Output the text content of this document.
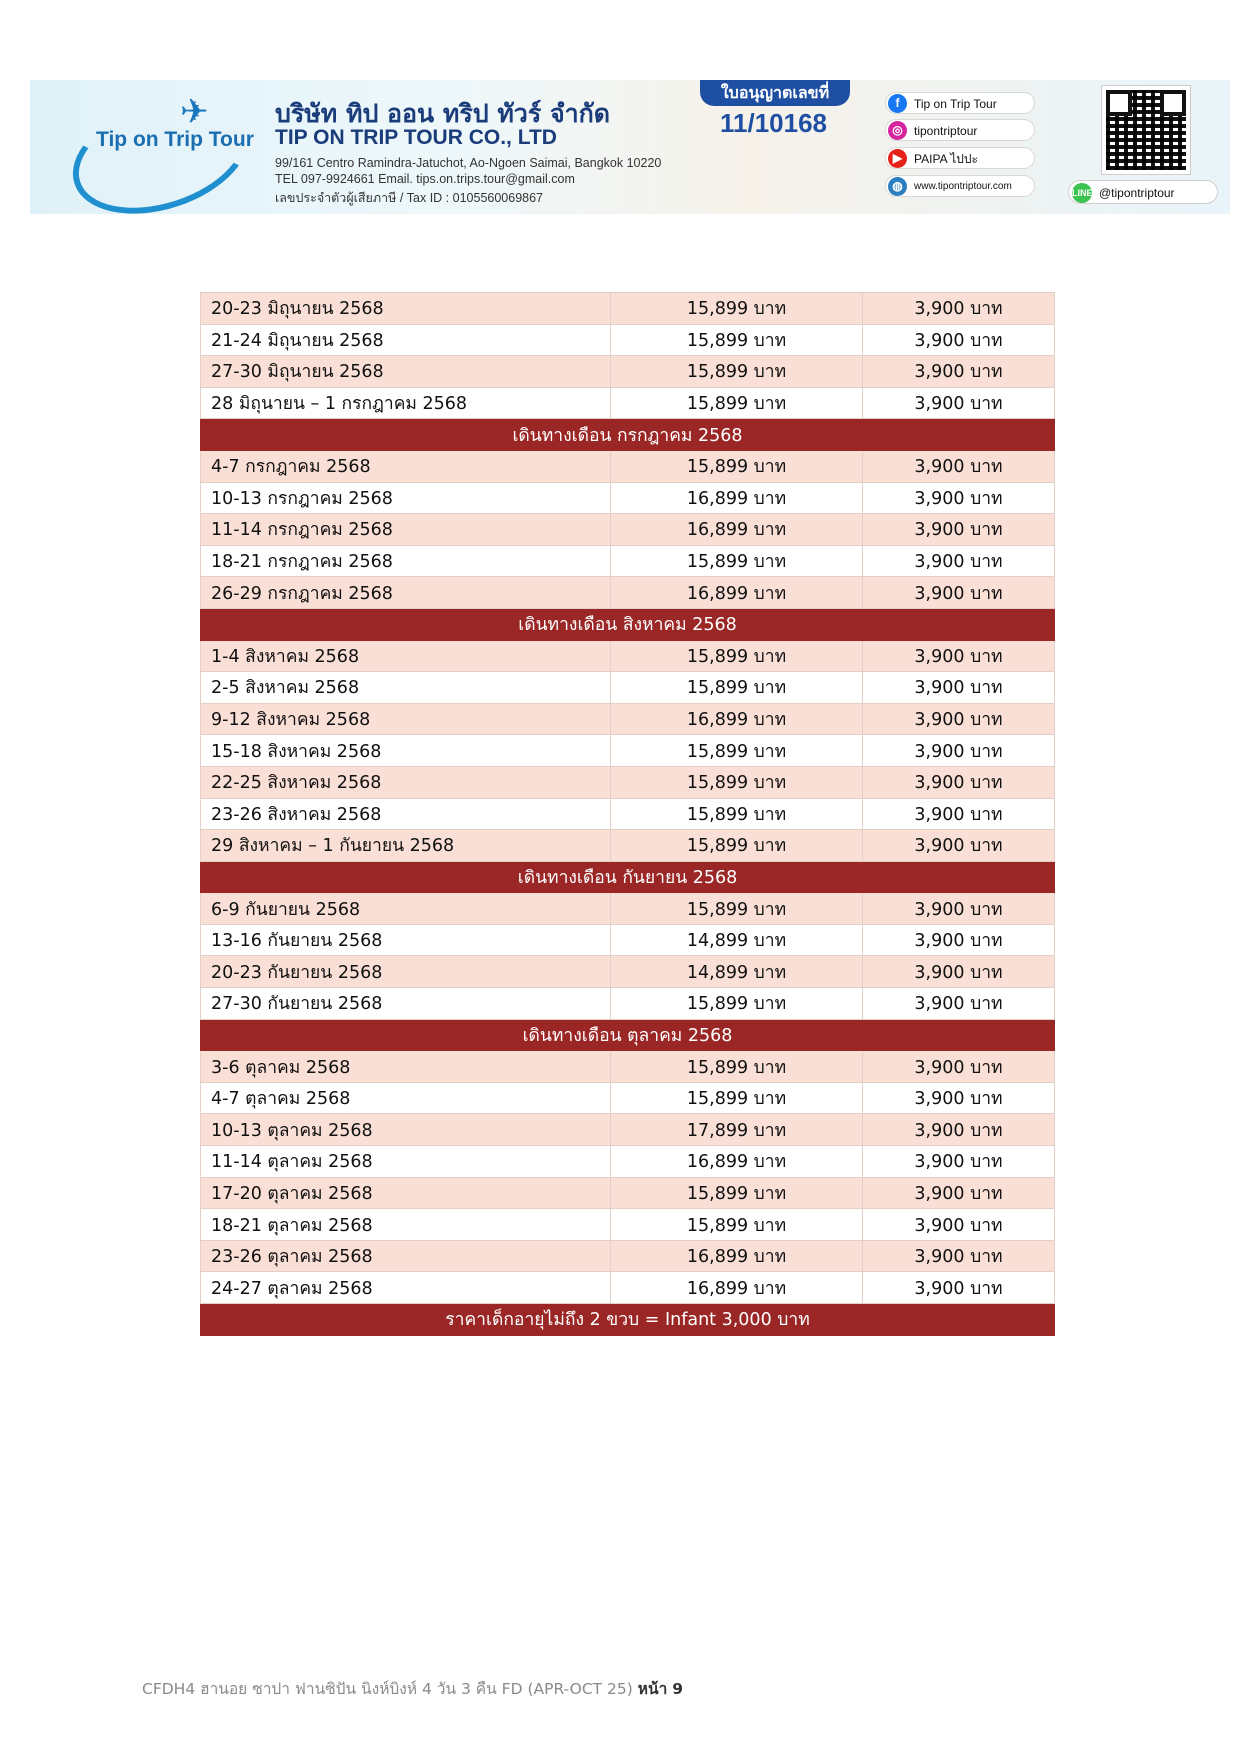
✈
Tip on Trip Tour
บริษัท ทิป ออน ทริป ทัวร์ จำกัด
TIP ON TRIP TOUR CO., LTD
99/161 Centro Ramindra-Jatuchot, Ao-Ngoen Saimai, Bangkok 10220
TEL 097-9924661 Email. tips.on.trips.tour@gmail.com
เลขประจำตัวผู้เสียภาษี / Tax ID : 0105560069867
ใบอนุญาตเลขที่
11/10168
f	Tip on Trip Tour
◎ tipontriptour
▶ PAIPA ไปปะ
◍	www.tipontriptour.com
LINE @tipontriptour
20-23 มิถุนายน 2568	15,899 บาท	3,900 บาท
21-24 มิถุนายน 2568	15,899 บาท	3,900 บาท
27-30 มิถุนายน 2568	15,899 บาท	3,900 บาท
28 มิถุนายน – 1 กรกฎาคม 2568	15,899 บาท	3,900 บาท
เดินทางเดือน กรกฎาคม 2568		
4-7 กรกฎาคม 2568	15,899 บาท	3,900 บาท
10-13 กรกฎาคม 2568	16,899 บาท	3,900 บาท
11-14 กรกฎาคม 2568	16,899 บาท	3,900 บาท
18-21 กรกฎาคม 2568	15,899 บาท	3,900 บาท
26-29 กรกฎาคม 2568	16,899 บาท	3,900 บาท
เดินทางเดือน สิงหาคม 2568		
1-4 สิงหาคม 2568	15,899 บาท	3,900 บาท
2-5 สิงหาคม 2568	15,899 บาท	3,900 บาท
9-12 สิงหาคม 2568	16,899 บาท	3,900 บาท
15-18 สิงหาคม 2568	15,899 บาท	3,900 บาท
22-25 สิงหาคม 2568	15,899 บาท	3,900 บาท
23-26 สิงหาคม 2568	15,899 บาท	3,900 บาท
29 สิงหาคม – 1 กันยายน 2568	15,899 บาท	3,900 บาท
เดินทางเดือน กันยายน 2568		
6-9 กันยายน 2568	15,899 บาท	3,900 บาท
13-16 กันยายน 2568	14,899 บาท	3,900 บาท
20-23 กันยายน 2568	14,899 บาท	3,900 บาท
27-30 กันยายน 2568	15,899 บาท	3,900 บาท
เดินทางเดือน ตุลาคม 2568		
3-6 ตุลาคม 2568	15,899 บาท	3,900 บาท
4-7 ตุลาคม 2568	15,899 บาท	3,900 บาท
10-13 ตุลาคม 2568	17,899 บาท	3,900 บาท
11-14 ตุลาคม 2568	16,899 บาท	3,900 บาท
17-20 ตุลาคม 2568	15,899 บาท	3,900 บาท
18-21 ตุลาคม 2568	15,899 บาท	3,900 บาท
23-26 ตุลาคม 2568	16,899 บาท	3,900 บาท
24-27 ตุลาคม 2568	16,899 บาท	3,900 บาท
ราคาเด็กอายุไม่ถึง 2 ขวบ = Infant 3,000 บาท		
CFDH4 ฮานอย ซาปา ฟานซิปัน นิงห์บิงห์ 4 วัน 3 คืน FD (APR-OCT 25) หน้า 9
